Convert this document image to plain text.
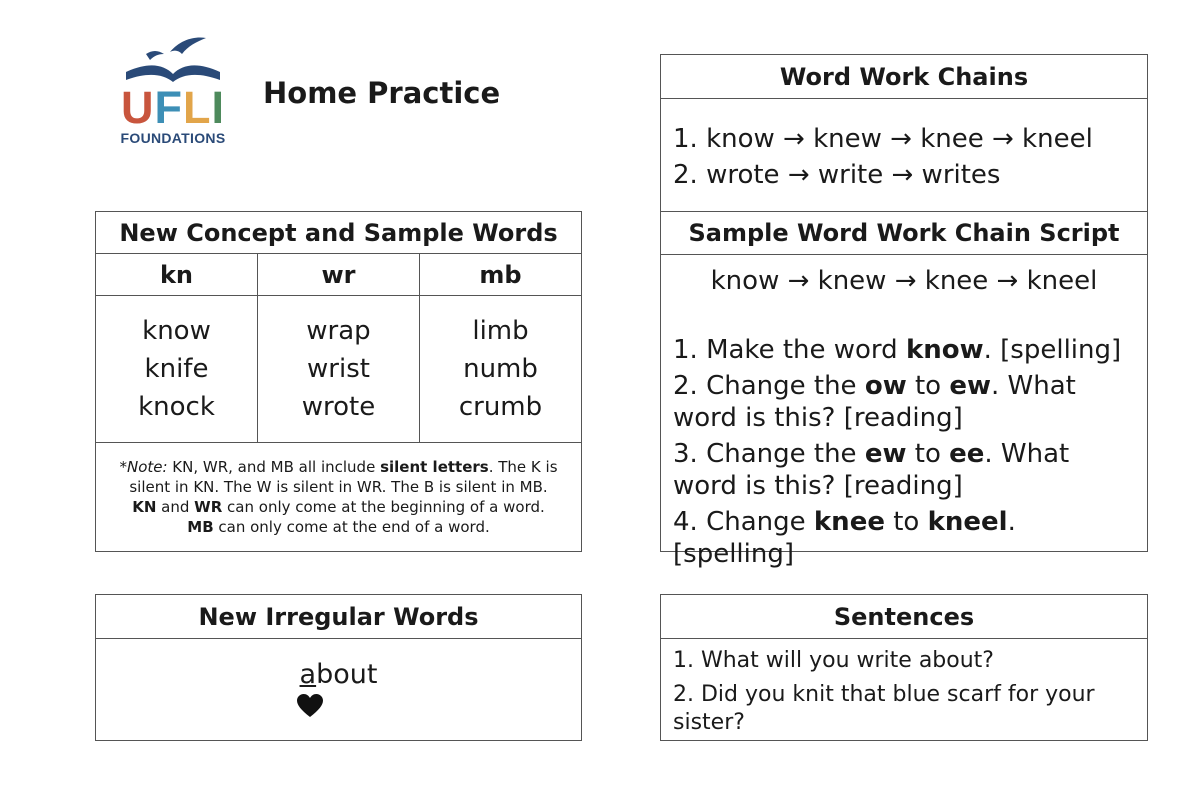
UFLI
FOUNDATIONS
Home Practice
New Concept and Sample Words
kn	wr	mb
know
knife
knock
wrap
wrist
wrote
limb
numb
crumb
*Note: KN, WR, and MB all include silent letters. The K is silent in KN. The W is silent in WR. The B is silent in MB.
KN and WR can only come at the beginning of a word.
MB can only come at the end of a word.
New Irregular Words
about
Word Work Chains
1. know → knew → knee → kneel
2. wrote → write → writes
Sample Word Work Chain Script
know → knew → knee → kneel
1. Make the word know. [spelling]
2. Change the ow to ew. What word is this? [reading]
3. Change the ew to ee. What word is this? [reading]
4. Change knee to kneel. [spelling]
Sentences
1. What will you write about?
2. Did you knit that blue scarf for your sister?
